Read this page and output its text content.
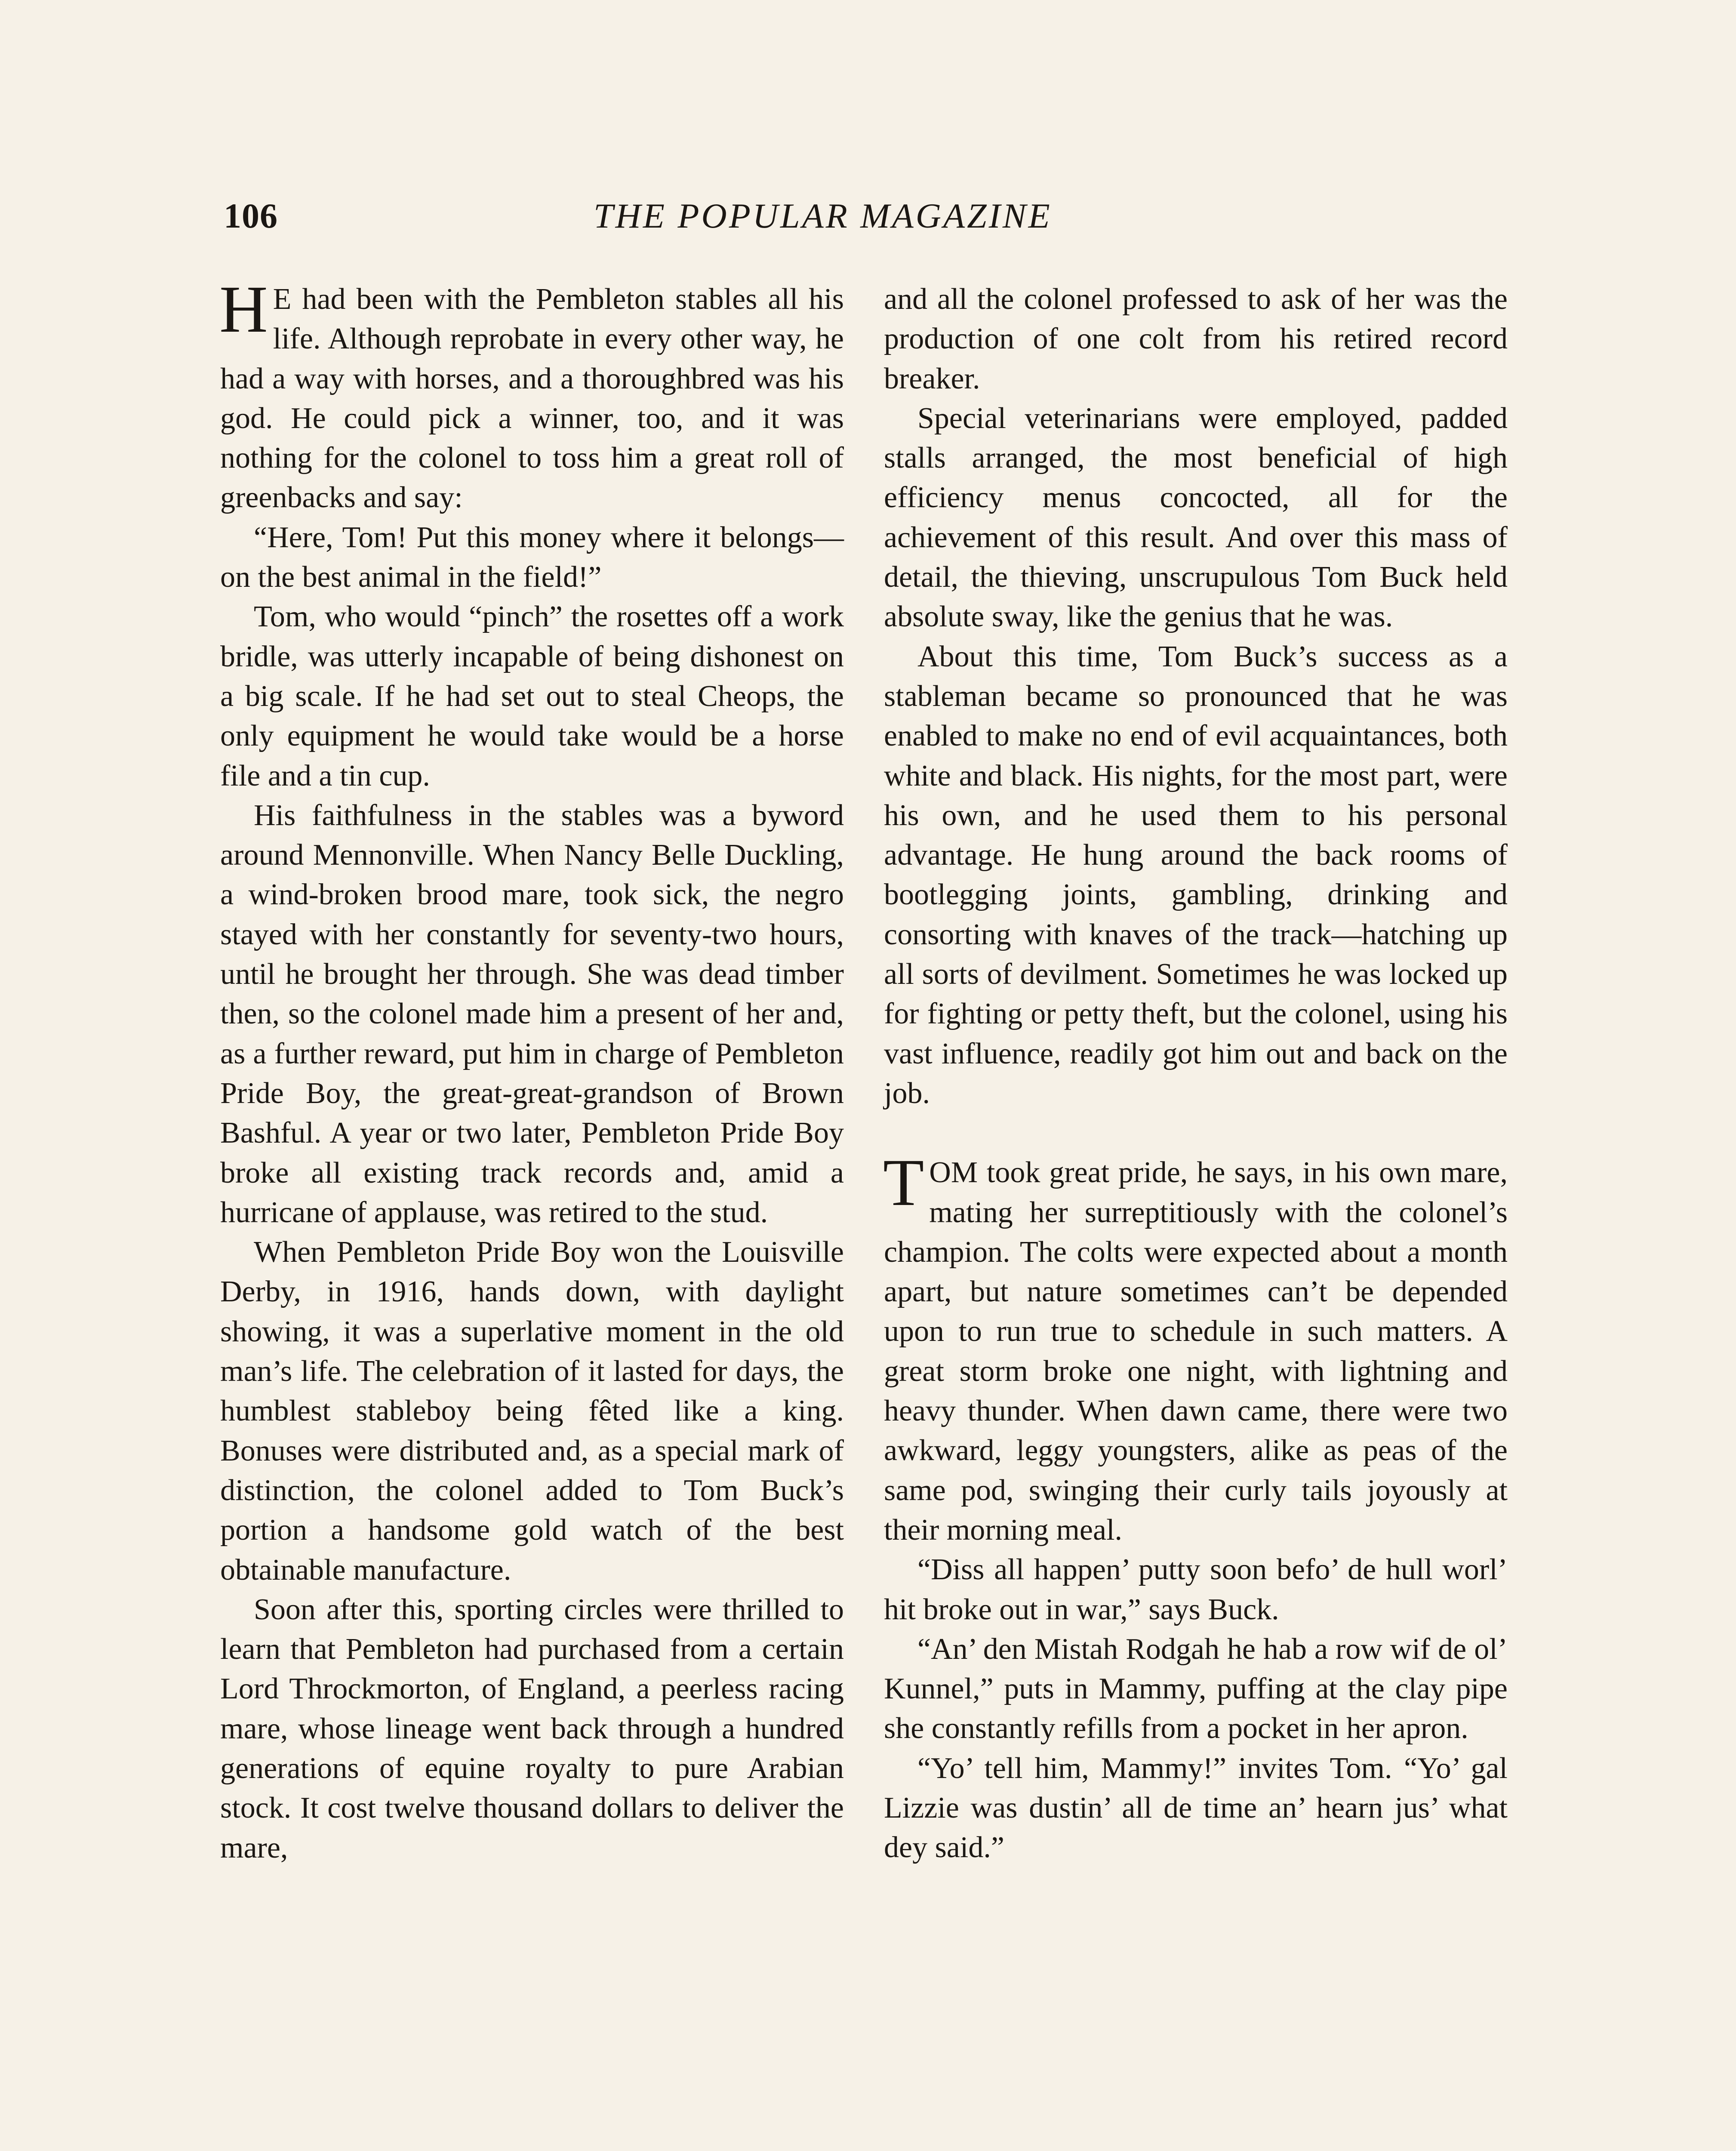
106	THE POPULAR MAGAZINE

H E had been with the Pembleton stables all his life. Although reprobate in every other way, he had a way with horses, and a thoroughbred was his god. He could pick a winner, too, and it was nothing for the colonel to toss him a great roll of greenbacks and say:

“Here, Tom! Put this money where it belongs—on the best animal in the field!”

Tom, who would “pinch” the rosettes off a work bridle, was utterly incapable of being dishonest on a big scale. If he had set out to steal Cheops, the only equipment he would take would be a horse file and a tin cup.

His faithfulness in the stables was a byword around Mennonville. When Nancy Belle Duckling, a wind-broken brood mare, took sick, the negro stayed with her constantly for seventy-two hours, until he brought her through. She was dead timber then, so the colonel made him a present of her and, as a further reward, put him in charge of Pembleton Pride Boy, the great-great-grandson of Brown Bashful. A year or two later, Pembleton Pride Boy broke all existing track records and, amid a hurricane of applause, was retired to the stud.

When Pembleton Pride Boy won the Louisville Derby, in 1916, hands down, with daylight showing, it was a superlative moment in the old man’s life. The celebration of it lasted for days, the humblest stableboy being fêted like a king. Bonuses were distributed and, as a special mark of distinction, the colonel added to Tom Buck’s portion a handsome gold watch of the best obtainable manufacture.

Soon after this, sporting circles were thrilled to learn that Pembleton had purchased from a certain Lord Throckmorton, of England, a peerless racing mare, whose lineage went back through a hundred generations of equine royalty to pure Arabian stock. It cost twelve thousand dollars to deliver the mare,

and all the colonel professed to ask of her was the production of one colt from his retired record breaker.

Special veterinarians were employed, padded stalls arranged, the most beneficial of high efficiency menus concocted, all for the achievement of this result. And over this mass of detail, the thieving, unscrupulous Tom Buck held absolute sway, like the genius that he was.

About this time, Tom Buck’s success as a stableman became so pronounced that he was enabled to make no end of evil acquaintances, both white and black. His nights, for the most part, were his own, and he used them to his personal advantage. He hung around the back rooms of bootlegging joints, gambling, drinking and consorting with knaves of the track—hatching up all sorts of devilment. Sometimes he was locked up for fighting or petty theft, but the colonel, using his vast influence, readily got him out and back on the job.

T OM took great pride, he says, in his own mare, mating her surreptitiously with the colonel’s champion. The colts were expected about a month apart, but nature sometimes can’t be depended upon to run true to schedule in such matters. A great storm broke one night, with lightning and heavy thunder. When dawn came, there were two awkward, leggy youngsters, alike as peas of the same pod, swinging their curly tails joyously at their morning meal.

“Diss all happen’ putty soon befo’ de hull worl’ hit broke out in war,” says Buck.

“An’ den Mistah Rodgah he hab a row wif de ol’ Kunnel,” puts in Mammy, puffing at the clay pipe she constantly refills from a pocket in her apron.

“Yo’ tell him, Mammy!” invites Tom. “Yo’ gal Lizzie was dustin’ all de time an’ hearn jus’ what dey said.”
